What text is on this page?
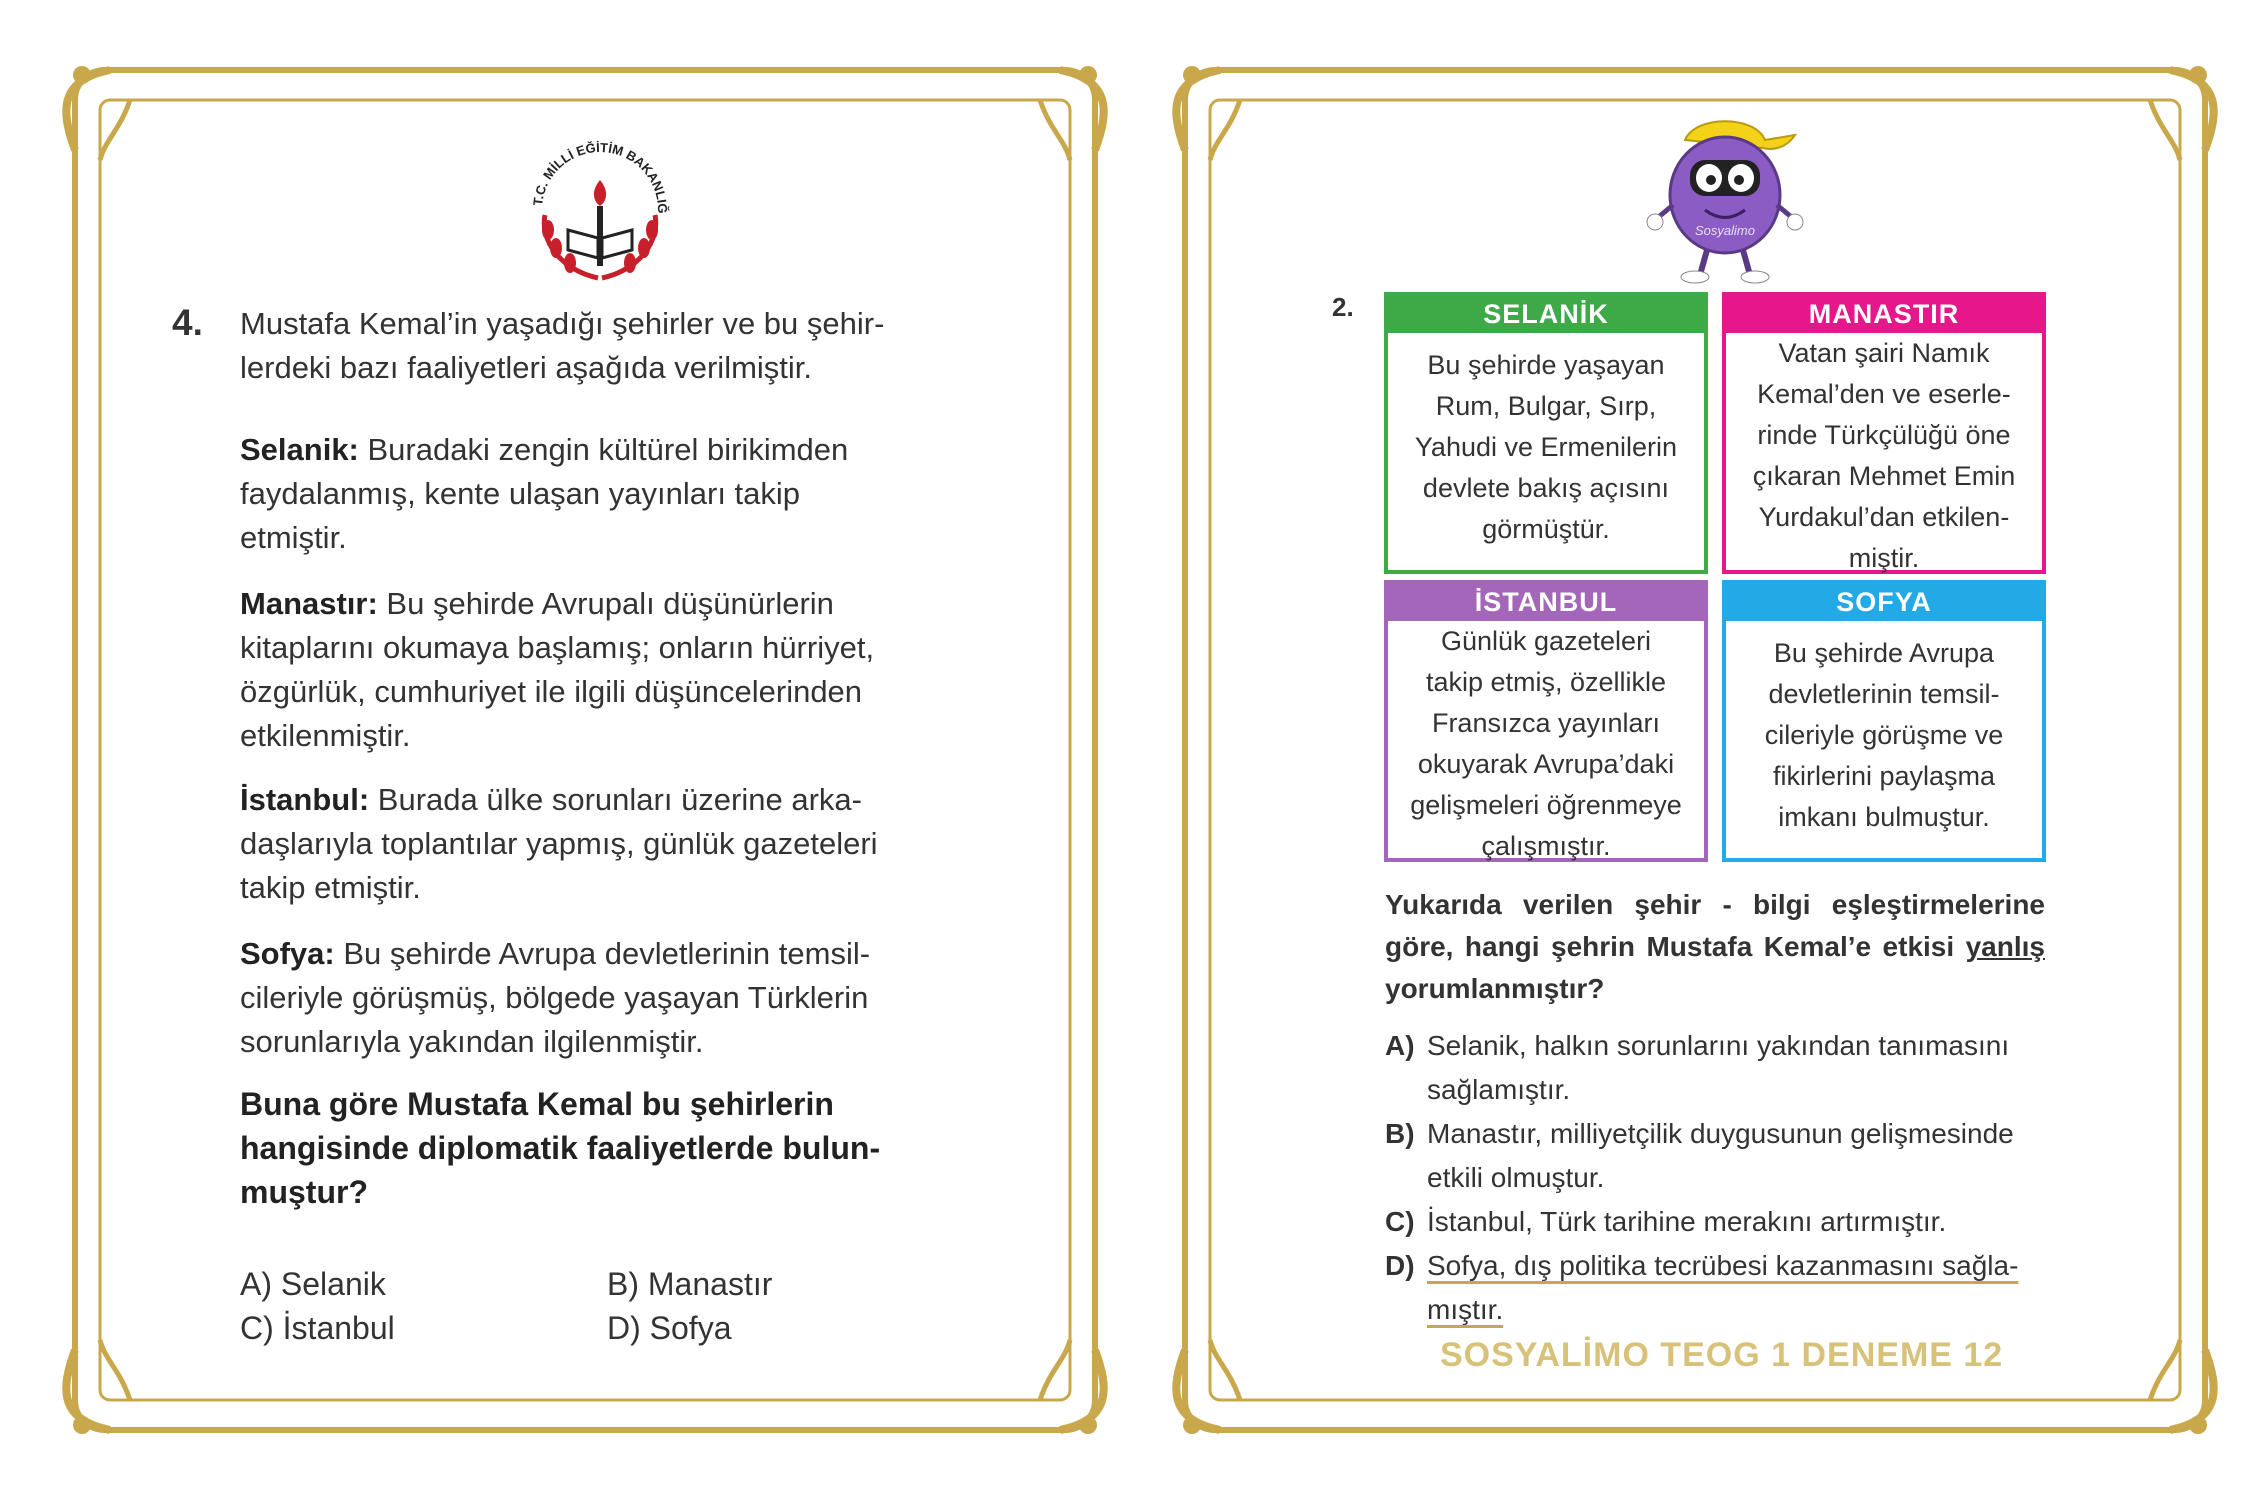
T.C. MİLLİ EĞİTİM BAKANLIĞ
4. Mustafa Kemal’in yaşadığı şehirler ve bu şehir-
lerdeki bazı faaliyetleri aşağıda verilmiştir.
Selanik: Buradaki zengin kültürel birikimden
faydalanmış, kente ulaşan yayınları takip
etmiştir.
Manastır: Bu şehirde Avrupalı düşünürlerin
kitaplarını okumaya başlamış; onların hürriyet,
özgürlük, cumhuriyet ile ilgili düşüncelerinden
etkilenmiştir.
İstanbul: Burada ülke sorunları üzerine arka-
daşlarıyla toplantılar yapmış, günlük gazeteleri
takip etmiştir.
Sofya: Bu şehirde Avrupa devletlerinin temsil-
cileriyle görüşmüş, bölgede yaşayan Türklerin
sorunlarıyla yakından ilgilenmiştir.
Buna göre Mustafa Kemal bu şehirlerin
hangisinde diplomatik faaliyetlerde bulun-
muştur?
A) Selanik	B) Manastır
C) İstanbul	D) Sofya
Sosyalimo
2.	SELANİK
Bu şehirde yaşayan
Rum, Bulgar, Sırp,
Yahudi ve Ermenilerin
devlete bakış açısını
görmüştür.
MANASTIR
Vatan şairi Namık
Kemal’den ve eserle-
rinde Türkçülüğü öne
çıkaran Mehmet Emin
Yurdakul’dan etkilen-
miştir.
İSTANBUL
Günlük gazeteleri
takip etmiş, özellikle
Fransızca yayınları
okuyarak Avrupa’daki
gelişmeleri öğrenmeye
çalışmıştır.
SOFYA
Bu şehirde Avrupa
devletlerinin temsil-
cileriyle görüşme ve
fikirlerini paylaşma
imkanı bulmuştur.
Yukarıda verilen şehir - bilgi eşleştirmelerine
göre, hangi şehrin Mustafa Kemal’e etkisi yanlış
yorumlanmıştır?
A) Selanik, halkın sorunlarını yakından tanımasını
sağlamıştır.
B) Manastır, milliyetçilik duygusunun gelişmesinde
etkili olmuştur.
C) İstanbul, Türk tarihine merakını artırmıştır.
D) Sofya, dış politika tecrübesi kazanmasını sağla-
mıştır.
SOSYALİMO TEOG 1 DENEME 12
